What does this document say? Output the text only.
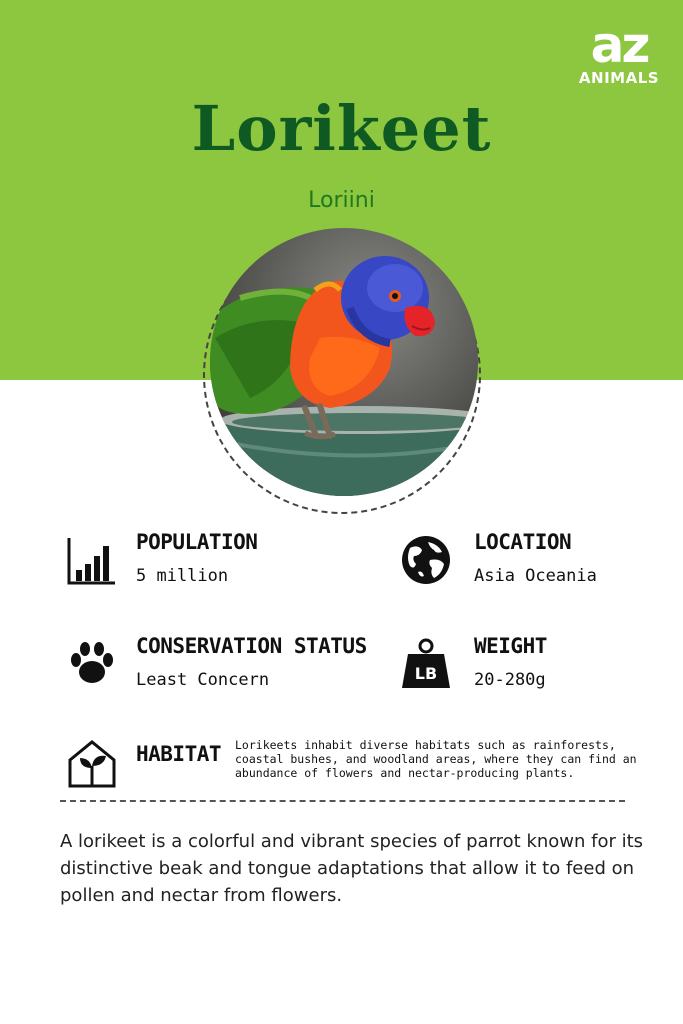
az
ANIMALS
Lorikeet
Loriini
POPULATION
5 million
LOCATION
Asia Oceania
CONSERVATION STATUS
Least Concern	LB
WEIGHT
20-280g
HABITAT Lorikeets inhabit diverse habitats such as rainforests, coastal bushes, and woodland areas, where they can find an abundance of flowers and nectar-producing plants.
A lorikeet is a colorful and vibrant species of parrot known for its distinctive beak and tongue adaptations that allow it to feed on pollen and nectar from flowers.
